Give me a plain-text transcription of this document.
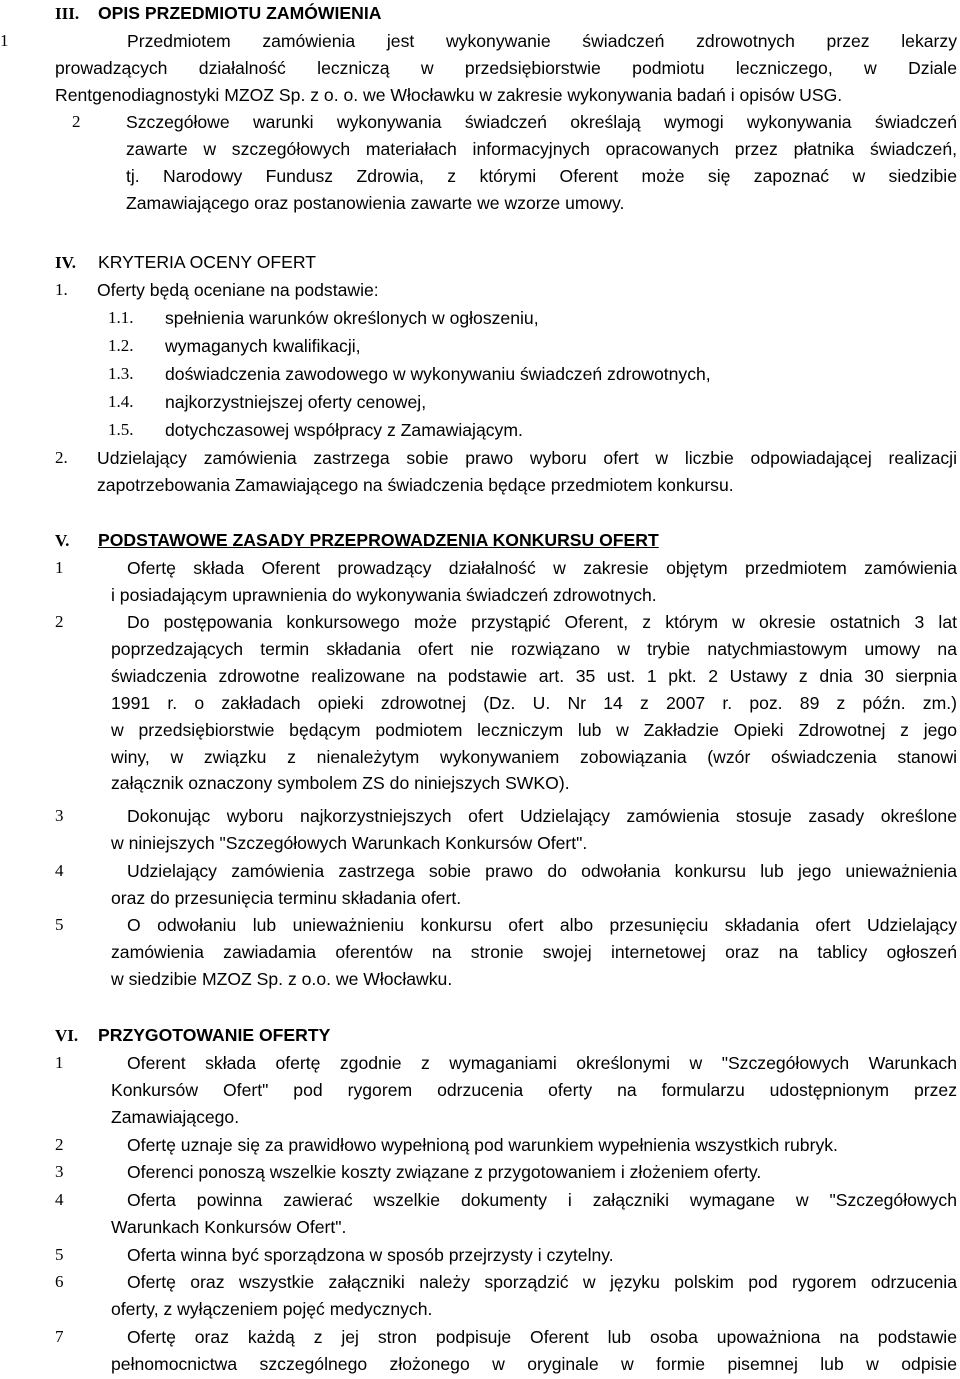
III.	OPIS PRZEDMIOTU ZAMÓWIENIA
1	Przedmiotem zamówienia jest wykonywanie świadczeń zdrowotnych przez lekarzy
prowadzących działalność leczniczą w przedsiębiorstwie podmiotu leczniczego, w Dziale
Rentgenodiagnostyki MZOZ Sp. z o. o. we Włocławku w zakresie wykonywania badań i opisów USG.
2	Szczegółowe warunki wykonywania świadczeń określają wymogi wykonywania świadczeń
zawarte w szczegółowych materiałach informacyjnych opracowanych przez płatnika świadczeń,
tj. Narodowy Fundusz Zdrowia, z którymi Oferent może się zapoznać w siedzibie
Zamawiającego oraz postanowienia zawarte we wzorze umowy.
IV.	KRYTERIA OCENY OFERT
1. Oferty będą oceniane na podstawie:
1.1. spełnienia warunków określonych w ogłoszeniu,
1.2. wymaganych kwalifikacji,
1.3. doświadczenia zawodowego w wykonywaniu świadczeń zdrowotnych,
1.4. najkorzystniejszej oferty cenowej,
1.5. dotychczasowej współpracy z Zamawiającym.
2. Udzielający zamówienia zastrzega sobie prawo wyboru ofert w liczbie odpowiadającej realizacji
zapotrzebowania Zamawiającego na świadczenia będące przedmiotem konkursu.
V.	PODSTAWOWE ZASADY PRZEPROWADZENIA KONKURSU OFERT
1	Ofertę składa Oferent prowadzący działalność w zakresie objętym przedmiotem zamówienia
i posiadającym uprawnienia do wykonywania świadczeń zdrowotnych.
2	Do postępowania konkursowego może przystąpić Oferent, z którym w okresie ostatnich 3 lat
poprzedzających termin składania ofert nie rozwiązano w trybie natychmiastowym umowy na
świadczenia zdrowotne realizowane na podstawie art. 35 ust. 1 pkt. 2 Ustawy z dnia 30 sierpnia
1991 r. o zakładach opieki zdrowotnej (Dz. U. Nr 14 z 2007 r. poz. 89 z późn. zm.)
w przedsiębiorstwie będącym podmiotem leczniczym lub w Zakładzie Opieki Zdrowotnej z jego
winy, w związku z nienależytym wykonywaniem zobowiązania (wzór oświadczenia stanowi
załącznik oznaczony symbolem ZS do niniejszych SWKO).
3	Dokonując wyboru najkorzystniejszych ofert Udzielający zamówienia stosuje zasady określone
w niniejszych "Szczegółowych Warunkach Konkursów Ofert".
4	Udzielający zamówienia zastrzega sobie prawo do odwołania konkursu lub jego unieważnienia
oraz do przesunięcia terminu składania ofert.
5	O odwołaniu lub unieważnieniu konkursu ofert albo przesunięciu składania ofert Udzielający
zamówienia zawiadamia oferentów na stronie swojej internetowej oraz na tablicy ogłoszeń
w siedzibie MZOZ Sp. z o.o. we Włocławku.
VI.	PRZYGOTOWANIE OFERTY
1	Oferent składa ofertę zgodnie z wymaganiami określonymi w "Szczegółowych Warunkach
Konkursów Ofert" pod rygorem odrzucenia oferty na formularzu udostępnionym przez
Zamawiającego.
2	Ofertę uznaje się za prawidłowo wypełnioną pod warunkiem wypełnienia wszystkich rubryk.
3	Oferenci ponoszą wszelkie koszty związane z przygotowaniem i złożeniem oferty.
4	Oferta powinna zawierać wszelkie dokumenty i załączniki wymagane w "Szczegółowych
Warunkach Konkursów Ofert".
5	Oferta winna być sporządzona w sposób przejrzysty i czytelny.
6	Ofertę oraz wszystkie załączniki należy sporządzić w języku polskim pod rygorem odrzucenia
oferty, z wyłączeniem pojęć medycznych.
7	Ofertę oraz każdą z jej stron podpisuje Oferent lub osoba upoważniona na podstawie
pełnomocnictwa szczególnego złożonego w oryginale w formie pisemnej lub w odpisie
